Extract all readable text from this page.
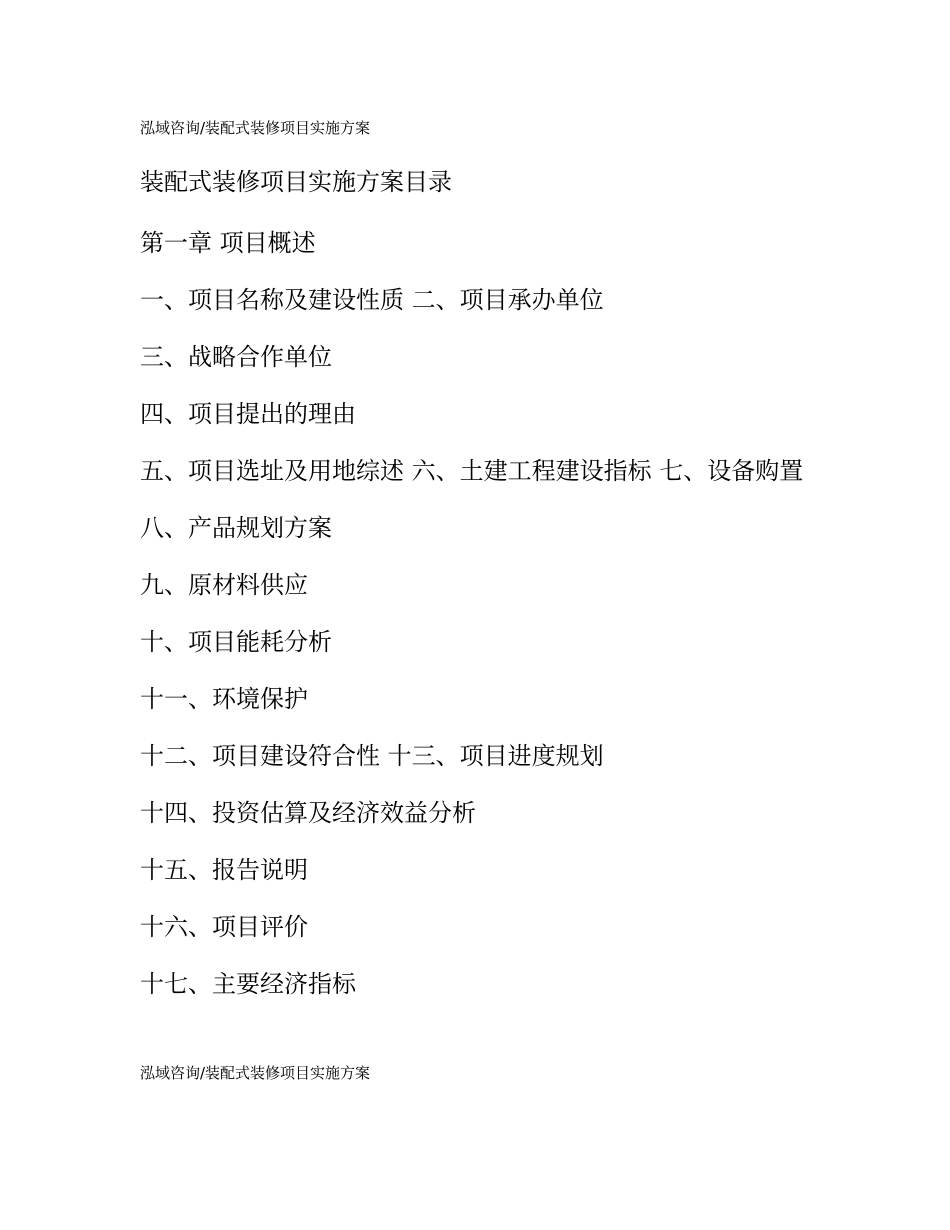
泓域咨询/装配式装修项目实施方案
装配式装修项目实施方案目录
第一章 项目概述
一、项目名称及建设性质 二、项目承办单位
三、战略合作单位
四、项目提出的理由
五、项目选址及用地综述 六、土建工程建设指标 七、设备购置
八、产品规划方案
九、原材料供应
十、项目能耗分析
十一、环境保护
十二、项目建设符合性 十三、项目进度规划
十四、投资估算及经济效益分析
十五、报告说明
十六、项目评价
十七、主要经济指标
泓域咨询/装配式装修项目实施方案
